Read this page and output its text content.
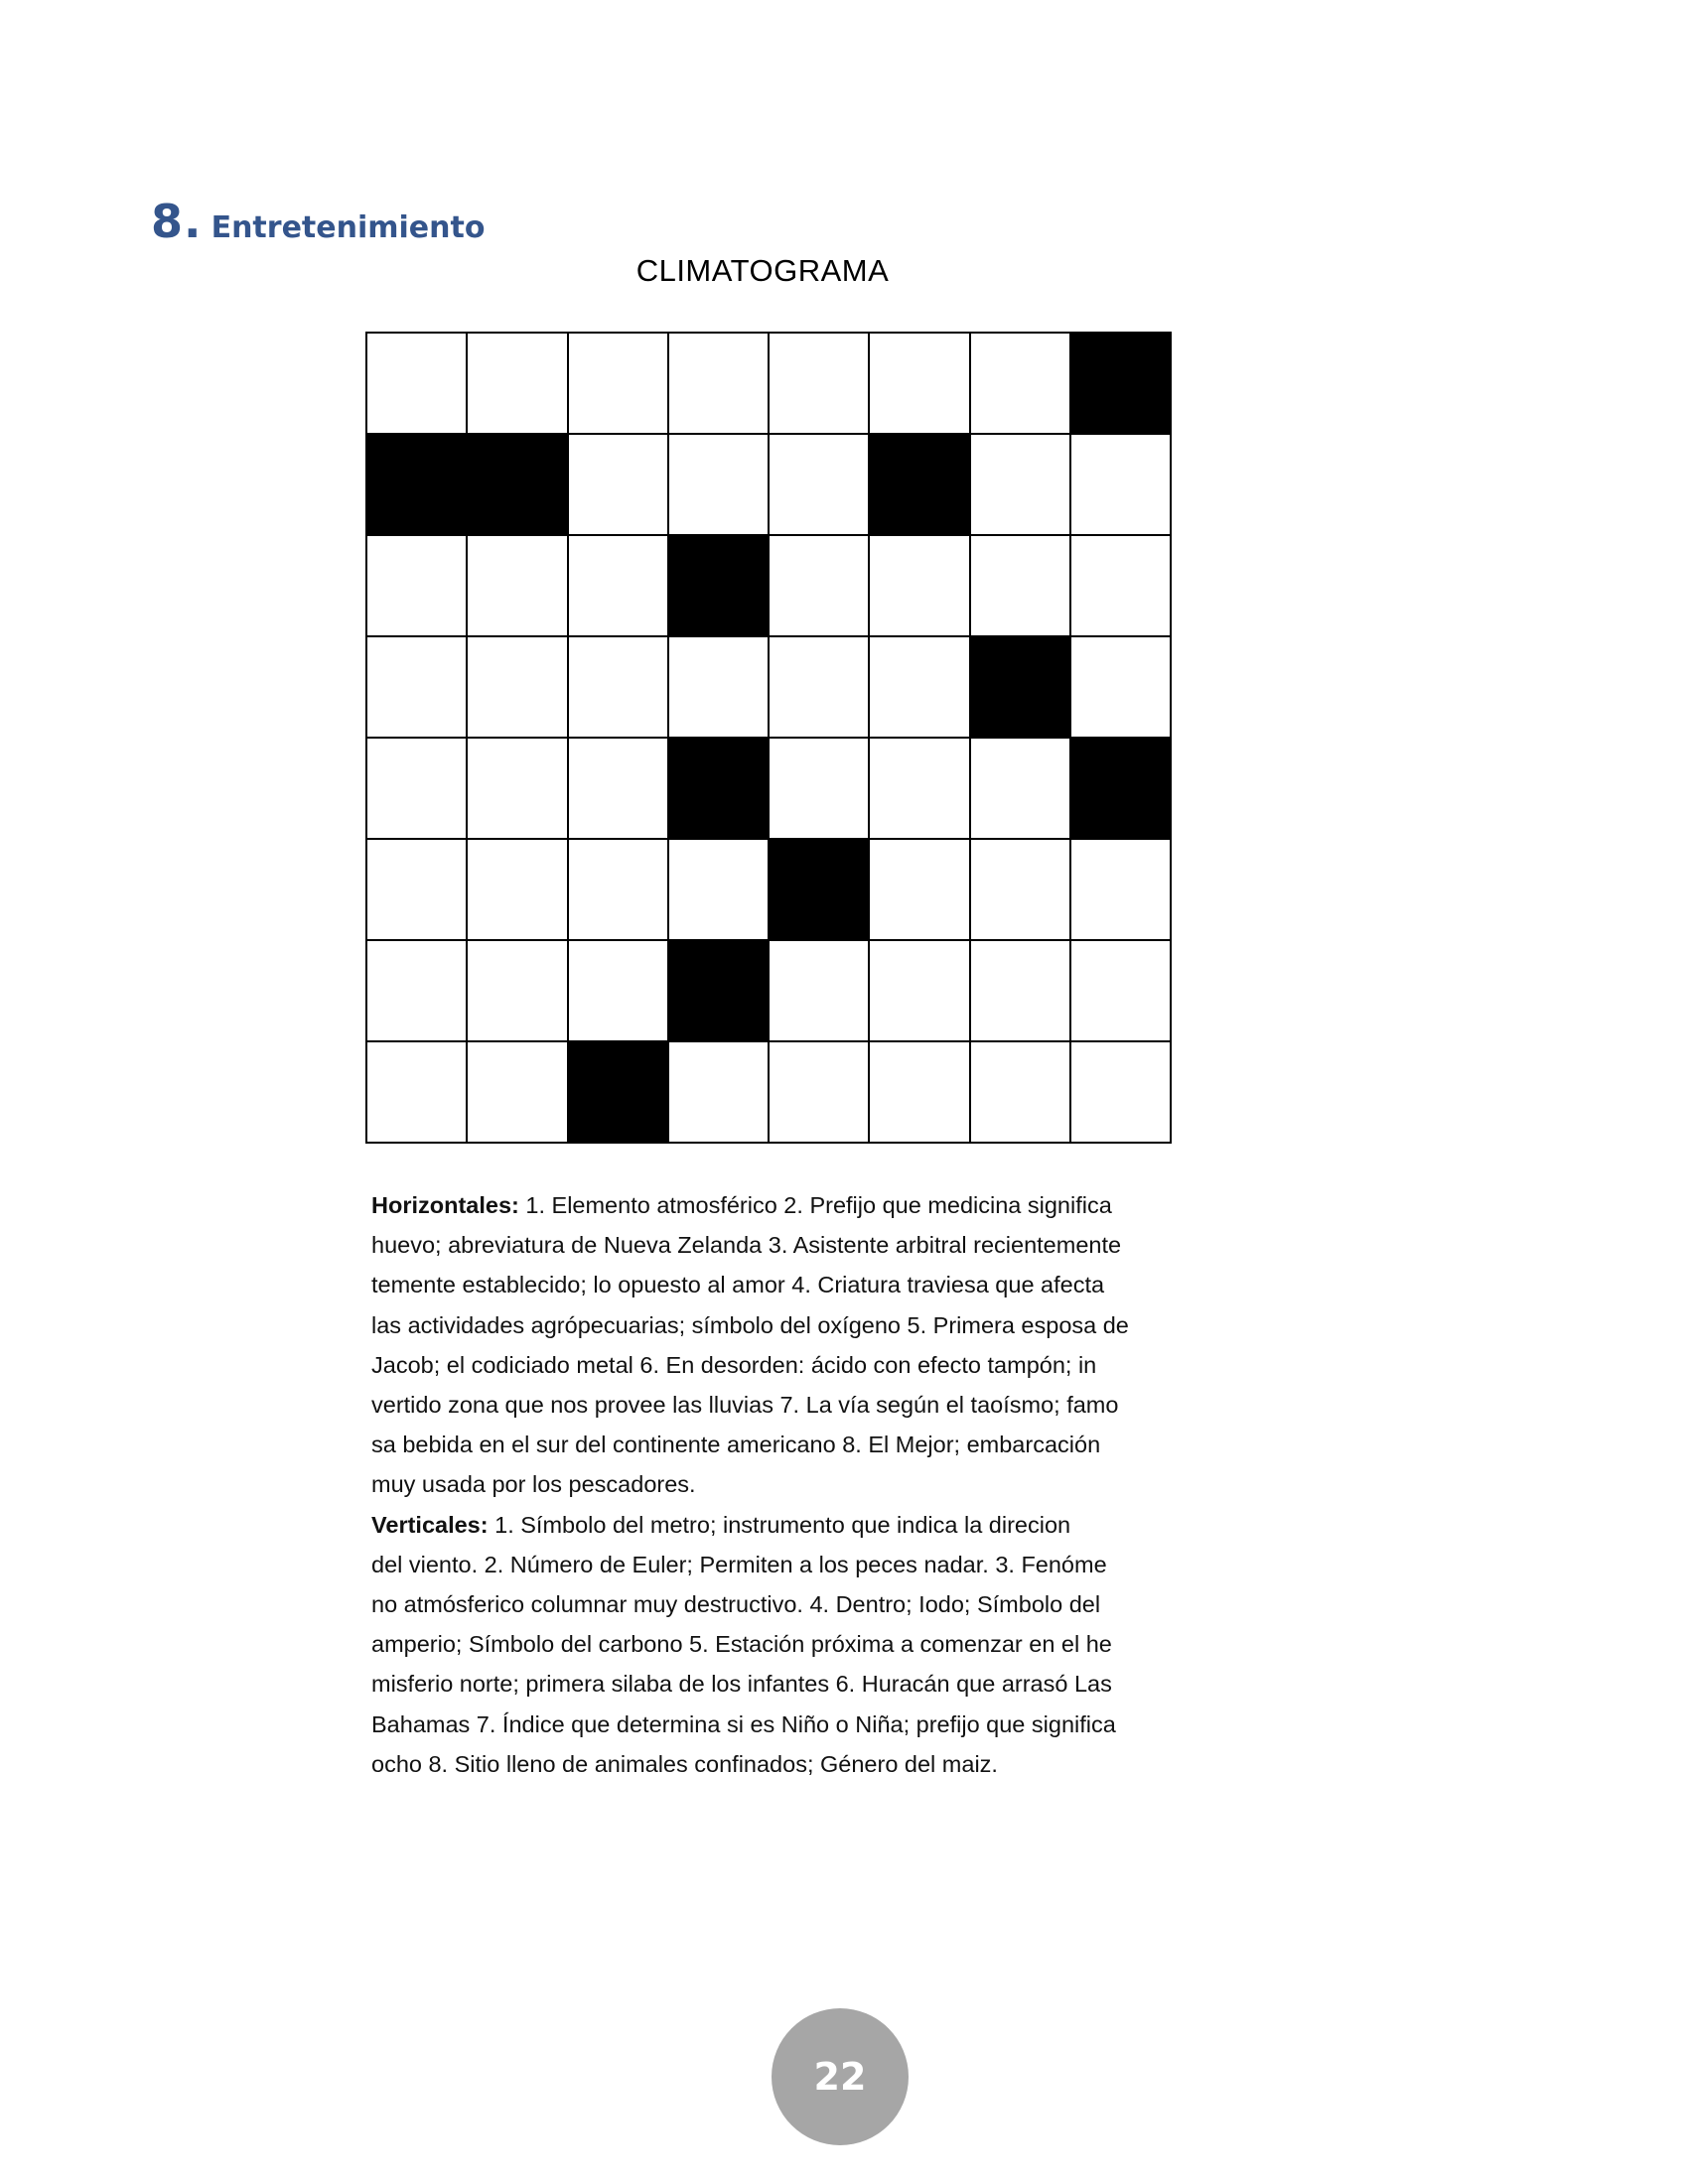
8. Entretenimiento
CLIMATOGRAMA

Horizontales: 1. Elemento atmosférico 2. Prefijo que medicina significa
huevo; abreviatura de Nueva Zelanda 3. Asistente arbitral recientemente
temente establecido; lo opuesto al amor 4. Criatura traviesa que afecta
las actividades agrópecuarias; símbolo del oxígeno 5. Primera esposa de
Jacob; el codiciado metal 6. En desorden: ácido con efecto tampón; in
vertido zona que nos provee las lluvias 7. La vía según el taoísmo; famo
sa bebida en el sur del continente americano 8. El Mejor; embarcación
muy usada por los pescadores.

Verticales: 1. Símbolo del metro; instrumento que indica la direcion
del viento. 2. Número de Euler; Permiten a los peces nadar. 3. Fenóme
no atmósferico columnar muy destructivo. 4. Dentro; Iodo; Símbolo del
amperio; Símbolo del carbono 5. Estación próxima a comenzar en el he
misferio norte; primera silaba de los infantes 6. Huracán que arrasó Las
Bahamas 7. Índice que determina si es Niño o Niña; prefijo que significa
ocho 8. Sitio lleno de animales confinados; Género del maiz.

22
